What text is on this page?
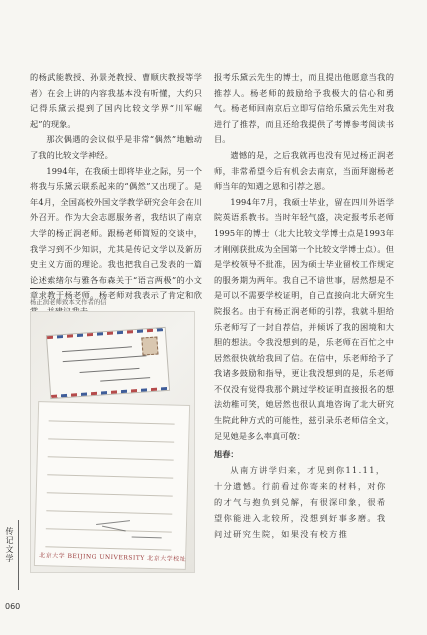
的杨武能教授、孙景尧教授、曹顺庆教授等学者）在会上讲的内容我基本没有听懂，大约只记得乐黛云提到了国内比较文学界“川军崛起”的现象。

那次偶遇的会议似乎是非常“偶然”地触动了我的比较文学神经。

1994年，在我硕士即将毕业之际，另一个将我与乐黛云联系起来的“偶然”又出现了。是年4月，全国高校外国文学教学研究会年会在川外召开。作为大会志愿服务者，我结识了南京大学的杨正润老师。跟杨老师简短的交谈中，我学习到不少知识，尤其是传记文学以及新历史主义方面的理论。我也把我自己发表的一篇论述索绪尔与雅各布森关于“语言两极”的小文章求教于杨老师。杨老师对我表示了肯定和欣

杨正润老师致本文作者的信
北京大学 BEIJING UNIVERSITY 北京大学校址

报考乐黛云先生的博士，而且提出他愿意当我的推荐人。杨老师的鼓励给予我极大的信心和勇气。杨老师回南京后立即写信给乐黛云先生对我进行了推荐，而且还给我提供了考博参考阅读书目。

遗憾的是，之后我就再也没有见过杨正润老师，非常希望今后有机会去南京，当面拜谢杨老师当年的知遇之恩和引荐之恩。

1994年7月，我硕士毕业，留在四川外语学院英语系教书。当时年轻气盛，决定报考乐老师1995年的博士（北大比较文学博士点是1993年才刚刚获批成为全国第一个比较文学博士点）。但是学校领导不批准，因为硕士毕业留校工作规定的服务期为两年。我自己不谙世事，居然想是不是可以不需要学校证明，自己直接向北大研究生院报名。由于有杨正润老师的引荐，我就斗胆给乐老师写了一封自荐信，并倾诉了我的困境和大胆的想法。令我没想到的是，乐老师在百忙之中居然很快就给我回了信。在信中，乐老师给予了我诸多鼓励和指导，更让我没想到的是，乐老师不仅没有觉得我那个跳过学校证明直接报名的想法幼稚可笑，她居然也很认真地咨询了北大研究生院此种方式的可能性，兹引录乐老师信全文，足见她是多么率真可敬：

旭春：
从南方讲学归来，才见到你11.11，十分遗憾。行前看过你寄来的材料，对你的才气与抱负到兑解，有很深印象，很希望你能进入北较所，没想到好事多磨。我问过研究生院，如果没有校方推
传记文学
060
